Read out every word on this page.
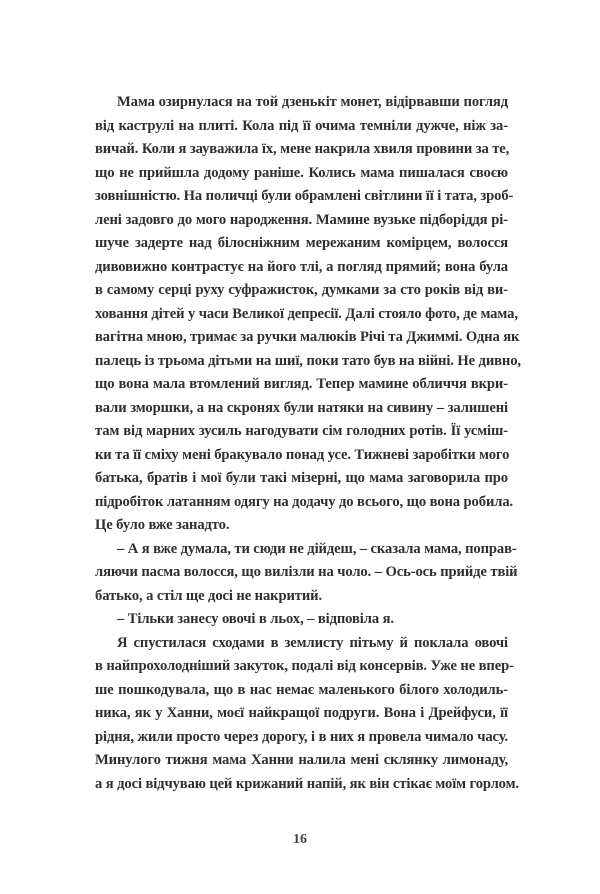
Мама озирнулася на той дзенькіт монет, відірвавши погляд
від каструлі на плиті. Кола під її очима темніли дужче, ніж за-
вичай. Коли я зауважила їх, мене накрила хвиля провини за те,
що не прийшла додому раніше. Колись мама пишалася своєю
зовнішністю. На поличці були обрамлені світлини її і тата, зроб-
лені задовго до мого народження. Мамине вузьке підборіддя рі-
шуче задерте над білосніжним мережаним комірцем, волосся
дивовижно контрастує на його тлі, а погляд прямий; вона була
в самому серці руху суфражисток, думками за сто років від ви-
ховання дітей у часи Великої депресії. Далі стояло фото, де мама,
вагітна мною, тримає за ручки малюків Річі та Джиммі. Одна як
палець із трьома дітьми на шиї, поки тато був на війні. Не дивно,
що вона мала втомлений вигляд. Тепер мамине обличчя вкри-
вали зморшки, а на скронях були натяки на сивину – залишені
там від марних зусиль нагодувати сім голодних ротів. Її усміш-
ки та її сміху мені бракувало понад усе. Тижневі заробітки мого
батька, братів і мої були такі мізерні, що мама заговорила про
підробіток латанням одягу на додачу до всього, що вона робила.
Це було вже занадто.
– А я вже думала, ти сюди не дійдеш, – сказала мама, поправ-
ляючи пасма волосся, що вилізли на чоло. – Ось-ось прийде твій
батько, а стіл ще досі не накритий.
– Тільки занесу овочі в льох, – відповіла я.
Я спустилася сходами в землисту пітьму й поклала овочі
в найпрохолодніший закуток, подалі від консервів. Уже не впер-
ше пошкодувала, що в нас немає маленького білого холодиль-
ника, як у Ханни, моєї найкращої подруги. Вона і Дрейфуси, її
рідня, жили просто через дорогу, і в них я провела чимало часу.
Минулого тижня мама Ханни налила мені склянку лимонаду,
а я досі відчуваю цей крижаний напій, як він стікає моїм горлом.
16
